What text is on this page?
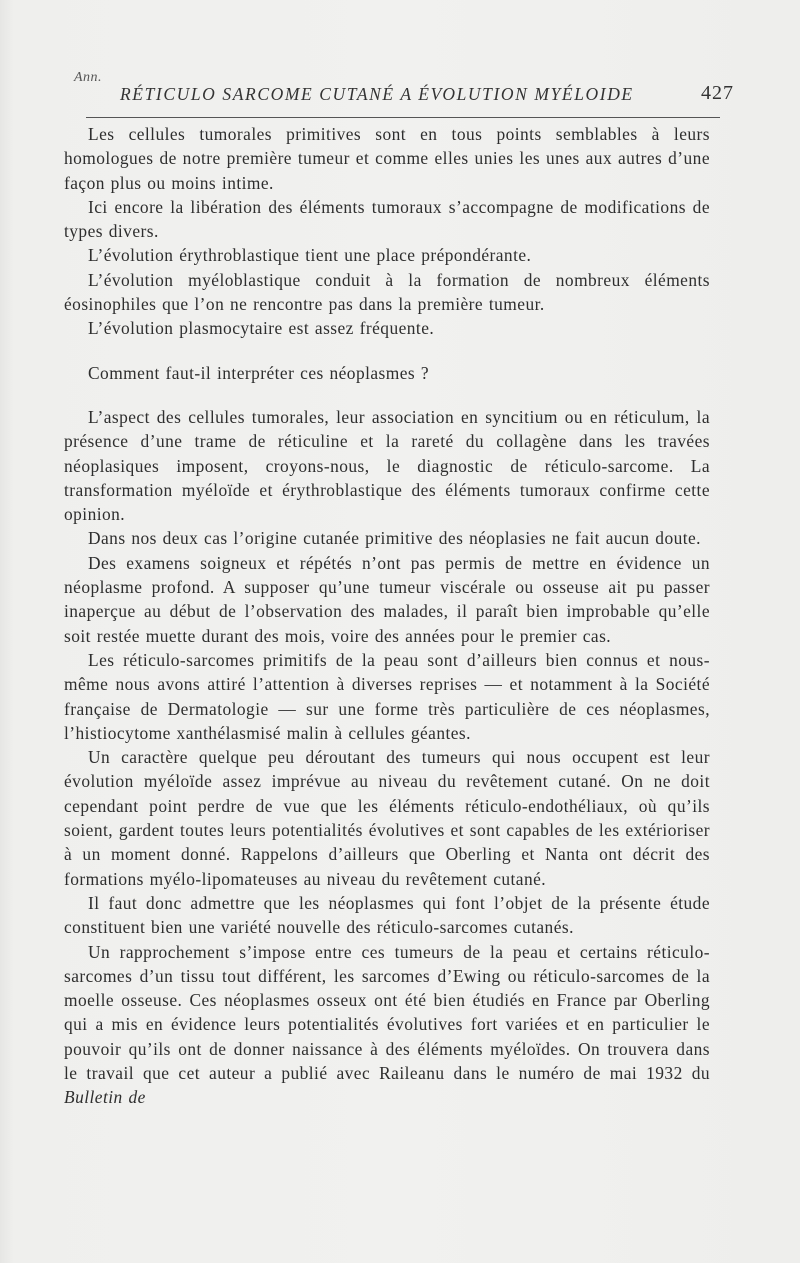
Ann.
RÉTICULO SARCOME CUTANÉ A ÉVOLUTION MYÉLOIDE	427

Les cellules tumorales primitives sont en tous points semblables à leurs homologues de notre première tumeur et comme elles unies les unes aux autres d’une façon plus ou moins intime.

Ici encore la libération des éléments tumoraux s’accompagne de modifications de types divers.

L’évolution érythroblastique tient une place prépondérante.

L’évolution myéloblastique conduit à la formation de nombreux éléments éosinophiles que l’on ne rencontre pas dans la première tumeur.

L’évolution plasmocytaire est assez fréquente.

Comment faut-il interpréter ces néoplasmes ?

L’aspect des cellules tumorales, leur association en syncitium ou en réticulum, la présence d’une trame de réticuline et la rareté du collagène dans les travées néoplasiques imposent, croyons-nous, le diagnostic de réticulo-sarcome. La transformation myéloïde et érythroblastique des éléments tumoraux confirme cette opinion.

Dans nos deux cas l’origine cutanée primitive des néoplasies ne fait aucun doute.

Des examens soigneux et répétés n’ont pas permis de mettre en évidence un néoplasme profond. A supposer qu’une tumeur viscérale ou osseuse ait pu passer inaperçue au début de l’observation des malades, il paraît bien improbable qu’elle soit restée muette durant des mois, voire des années pour le premier cas.

Les réticulo-sarcomes primitifs de la peau sont d’ailleurs bien connus et nous-même nous avons attiré l’attention à diverses reprises — et notamment à la Société française de Dermatologie — sur une forme très particulière de ces néoplasmes, l’histiocytome xanthélasmisé malin à cellules géantes.

Un caractère quelque peu déroutant des tumeurs qui nous occupent est leur évolution myéloïde assez imprévue au niveau du revêtement cutané. On ne doit cependant point perdre de vue que les éléments réticulo-endothéliaux, où qu’ils soient, gardent toutes leurs potentialités évolutives et sont capables de les extérioriser à un moment donné. Rappelons d’ailleurs que Oberling et Nanta ont décrit des formations myélo-lipomateuses au niveau du revêtement cutané.

Il faut donc admettre que les néoplasmes qui font l’objet de la présente étude constituent bien une variété nouvelle des réticulo-sarcomes cutanés.

Un rapprochement s’impose entre ces tumeurs de la peau et certains réticulo-sarcomes d’un tissu tout différent, les sarcomes d’Ewing ou réticulo-sarcomes de la moelle osseuse. Ces néoplasmes osseux ont été bien étudiés en France par Oberling qui a mis en évidence leurs potentialités évolutives fort variées et en particulier le pouvoir qu’ils ont de donner naissance à des éléments myéloïdes. On trouvera dans le travail que cet auteur a publié avec Raileanu dans le numéro de mai 1932 du Bulletin de
